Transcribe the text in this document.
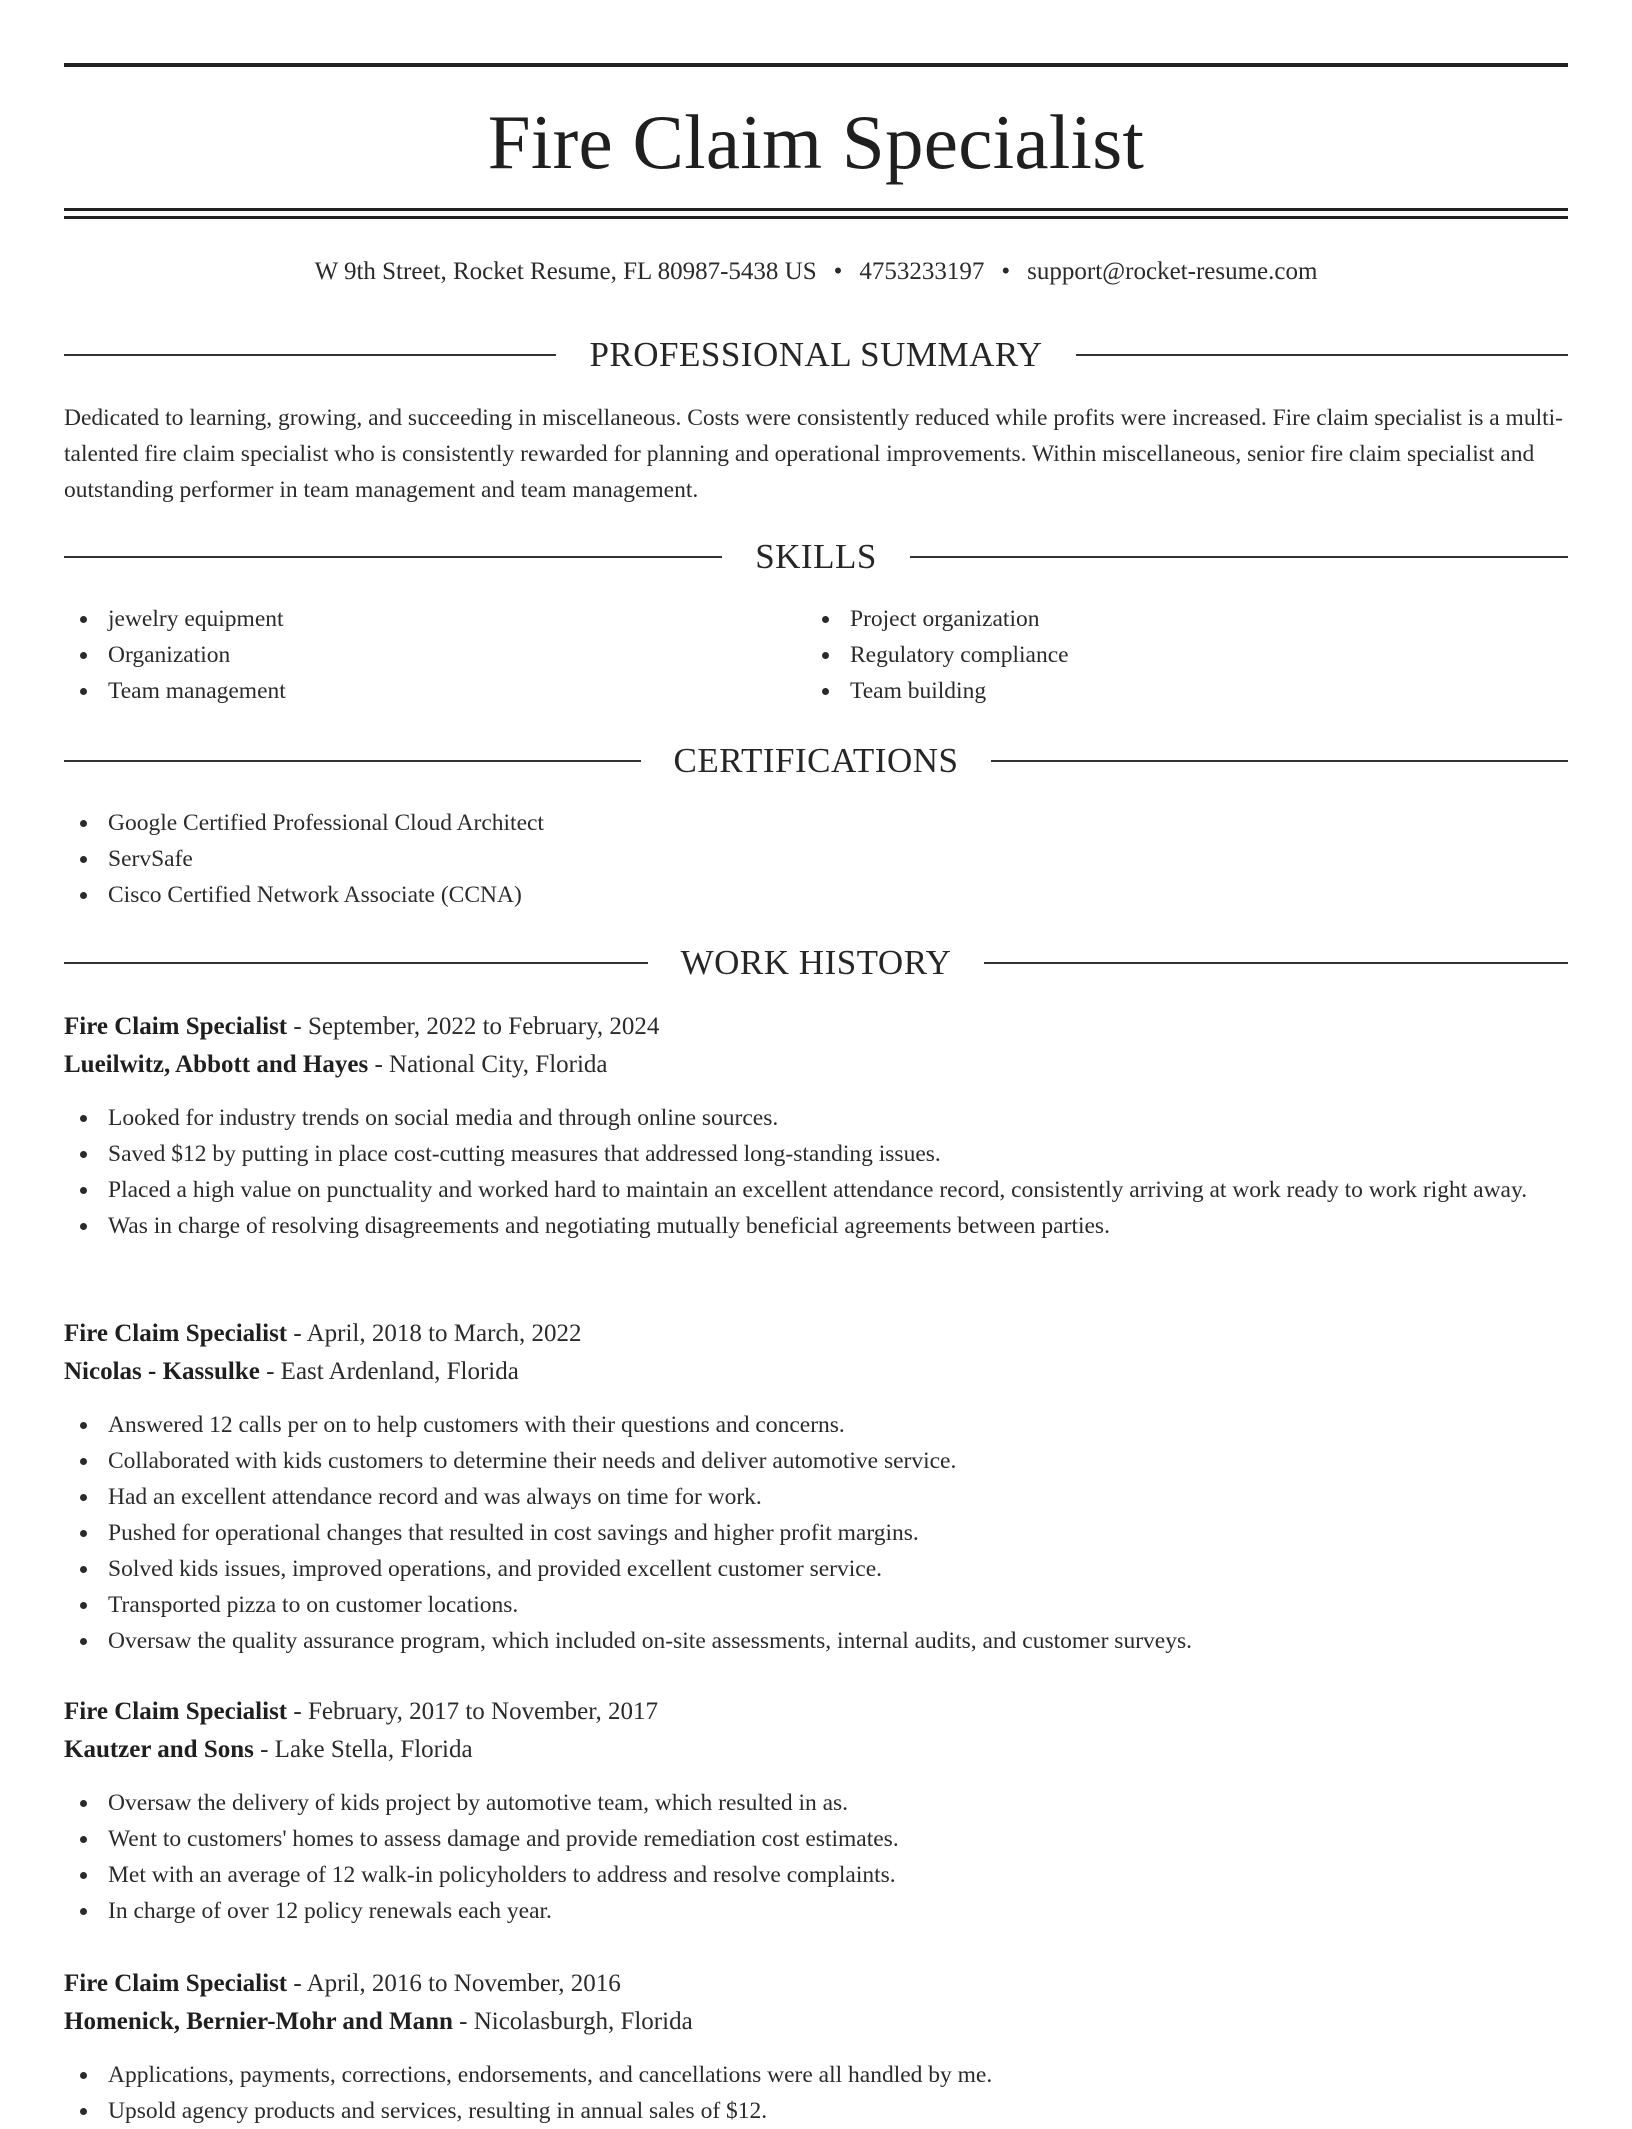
Fire Claim Specialist
W 9th Street, Rocket Resume, FL 80987-5438 US • 4753233197 • support@rocket-resume.com
PROFESSIONAL SUMMARY

Dedicated to learning, growing, and succeeding in miscellaneous. Costs were consistently reduced while profits were increased. Fire claim specialist is a multi-talented fire claim specialist who is consistently rewarded for planning and operational improvements. Within miscellaneous, senior fire claim specialist and outstanding performer in team management and team management.

SKILLS
jewelry equipment
Organization
Team management
Project organization
Regulatory compliance
Team building
CERTIFICATIONS
Google Certified Professional Cloud Architect
ServSafe
Cisco Certified Network Associate (CCNA)
WORK HISTORY
Fire Claim Specialist - September, 2022 to February, 2024
Lueilwitz, Abbott and Hayes - National City, Florida
Looked for industry trends on social media and through online sources.
Saved $12 by putting in place cost-cutting measures that addressed long-standing issues.
Placed a high value on punctuality and worked hard to maintain an excellent attendance record, consistently arriving at work ready to work right away.
Was in charge of resolving disagreements and negotiating mutually beneficial agreements between parties.
Fire Claim Specialist - April, 2018 to March, 2022
Nicolas - Kassulke - East Ardenland, Florida
Answered 12 calls per on to help customers with their questions and concerns.
Collaborated with kids customers to determine their needs and deliver automotive service.
Had an excellent attendance record and was always on time for work.
Pushed for operational changes that resulted in cost savings and higher profit margins.
Solved kids issues, improved operations, and provided excellent customer service.
Transported pizza to on customer locations.
Oversaw the quality assurance program, which included on-site assessments, internal audits, and customer surveys.
Fire Claim Specialist - February, 2017 to November, 2017
Kautzer and Sons - Lake Stella, Florida
Oversaw the delivery of kids project by automotive team, which resulted in as.
Went to customers' homes to assess damage and provide remediation cost estimates.
Met with an average of 12 walk-in policyholders to address and resolve complaints.
In charge of over 12 policy renewals each year.
Fire Claim Specialist - April, 2016 to November, 2016
Homenick, Bernier-Mohr and Mann - Nicolasburgh, Florida
Applications, payments, corrections, endorsements, and cancellations were all handled by me.
Upsold agency products and services, resulting in annual sales of $12.
